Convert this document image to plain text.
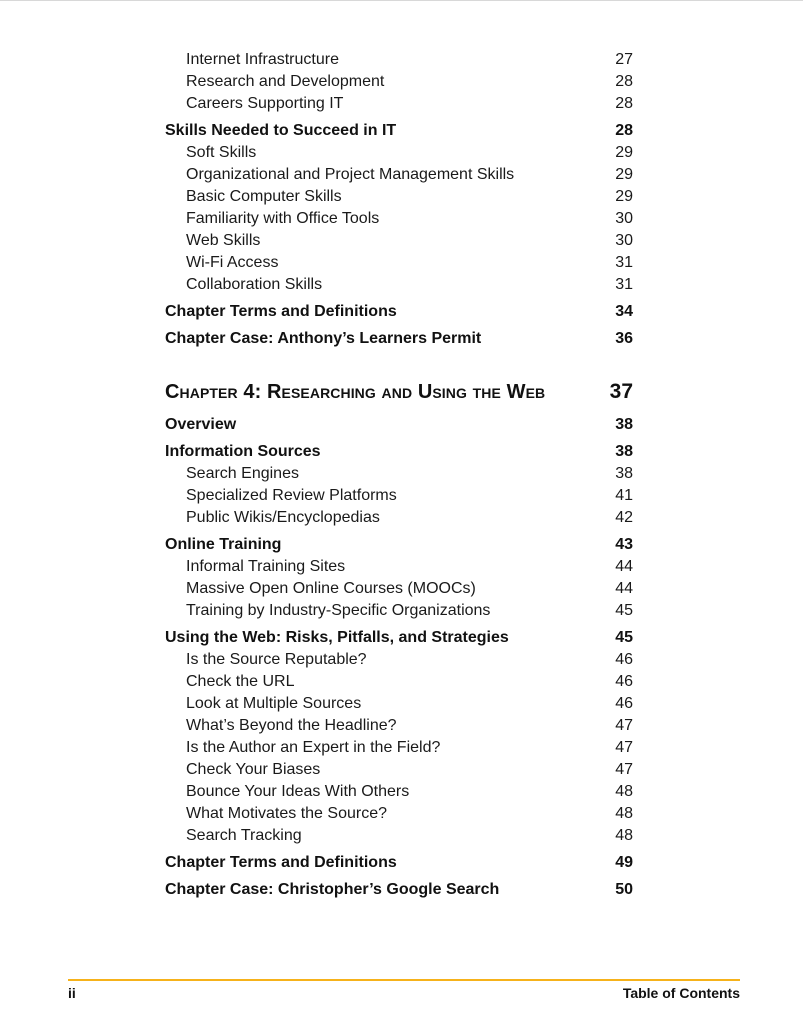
Internet Infrastructure	27
Research and Development	28
Careers Supporting IT	28
Skills Needed to Succeed in IT	28
Soft Skills	29
Organizational and Project Management Skills	29
Basic Computer Skills	29
Familiarity with Office Tools	30
Web Skills	30
Wi-Fi Access	31
Collaboration Skills	31
Chapter Terms and Definitions	34
Chapter Case: Anthony’s Learners Permit	36
Chapter 4: Researching and Using the Web	37
Overview	38
Information Sources	38
Search Engines	38
Specialized Review Platforms	41
Public Wikis/Encyclopedias	42
Online Training	43
Informal Training Sites	44
Massive Open Online Courses (MOOCs)	44
Training by Industry-Specific Organizations	45
Using the Web: Risks, Pitfalls, and Strategies	45
Is the Source Reputable?	46
Check the URL	46
Look at Multiple Sources	46
What’s Beyond the Headline?	47
Is the Author an Expert in the Field?	47
Check Your Biases	47
Bounce Your Ideas With Others	48
What Motivates the Source?	48
Search Tracking	48
Chapter Terms and Definitions	49
Chapter Case: Christopher’s Google Search	50
ii	Table of Contents
